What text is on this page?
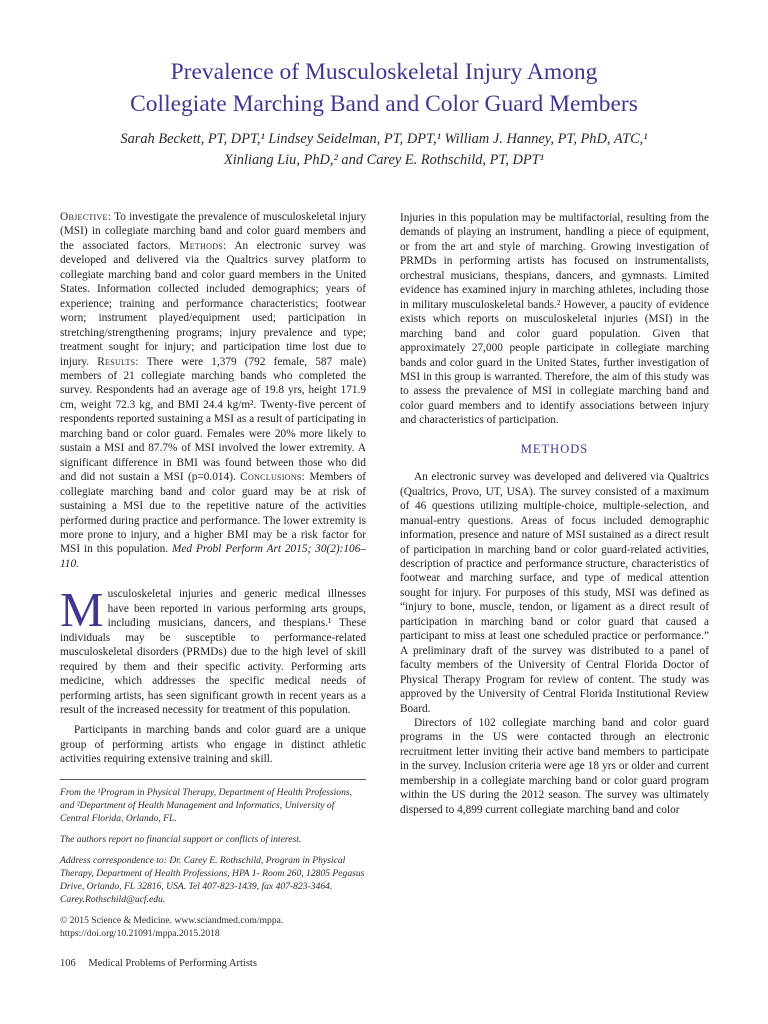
Prevalence of Musculoskeletal Injury Among
Collegiate Marching Band and Color Guard Members
Sarah Beckett, PT, DPT,¹ Lindsey Seidelman, PT, DPT,¹ William J. Hanney, PT, PhD, ATC,¹
Xinliang Liu, PhD,² and Carey E. Rothschild, PT, DPT¹

Objective: To investigate the prevalence of musculoskeletal injury (MSI) in collegiate marching band and color guard members and the associated factors. Methods: An electronic survey was developed and delivered via the Qualtrics survey platform to collegiate marching band and color guard members in the United States. Information collected included demographics; years of experience; training and performance characteristics; footwear worn; instrument played/equipment used; participation in stretching/strengthening programs; injury prevalence and type; treatment sought for injury; and participation time lost due to injury. Results: There were 1,379 (792 female, 587 male) members of 21 collegiate marching bands who completed the survey. Respondents had an average age of 19.8 yrs, height 171.9 cm, weight 72.3 kg, and BMI 24.4 kg/m². Twenty-five percent of respondents reported sustaining a MSI as a result of participating in marching band or color guard. Females were 20% more likely to sustain a MSI and 87.7% of MSI involved the lower extremity. A significant difference in BMI was found between those who did and did not sustain a MSI (p=0.014). Conclusions: Members of collegiate marching band and color guard may be at risk of sustaining a MSI due to the repetitive nature of the activities performed during practice and performance. The lower extremity is more prone to injury, and a higher BMI may be a risk factor for MSI in this population. Med Probl Perform Art 2015; 30(2):106–110.

Musculoskeletal injuries and generic medical illnesses have been reported in various performing arts groups, including musicians, dancers, and thespians.¹ These individuals may be susceptible to performance-related musculoskeletal disorders (PRMDs) due to the high level of skill required by them and their specific activity. Performing arts medicine, which addresses the specific medical needs of performing artists, has seen significant growth in recent years as a result of the increased necessity for treatment of this population.

Participants in marching bands and color guard are a unique group of performing artists who engage in distinct athletic activities requiring extensive training and skill.

Injuries in this population may be multifactorial, resulting from the demands of playing an instrument, handling a piece of equipment, or from the art and style of marching. Growing investigation of PRMDs in performing artists has focused on instrumentalists, orchestral musicians, thespians, dancers, and gymnasts. Limited evidence has examined injury in marching athletes, including those in military musculoskeletal bands.² However, a paucity of evidence exists which reports on musculoskeletal injuries (MSI) in the marching band and color guard population. Given that approximately 27,000 people participate in collegiate marching bands and color guard in the United States, further investigation of MSI in this group is warranted. Therefore, the aim of this study was to assess the prevalence of MSI in collegiate marching band and color guard members and to identify associations between injury and characteristics of participation.

METHODS

An electronic survey was developed and delivered via Qualtrics (Qualtrics, Provo, UT, USA). The survey consisted of a maximum of 46 questions utilizing multiple-choice, multiple-selection, and manual-entry questions. Areas of focus included demographic information, presence and nature of MSI sustained as a direct result of participation in marching band or color guard-related activities, description of practice and performance structure, characteristics of footwear and marching surface, and type of medical attention sought for injury. For purposes of this study, MSI was defined as “injury to bone, muscle, tendon, or ligament as a direct result of participation in marching band or color guard that caused a participant to miss at least one scheduled practice or performance.” A preliminary draft of the survey was distributed to a panel of faculty members of the University of Central Florida Doctor of Physical Therapy Program for review of content. The study was approved by the University of Central Florida Institutional Review Board.

Directors of 102 collegiate marching band and color guard programs in the US were contacted through an electronic recruitment letter inviting their active band members to participate in the survey. Inclusion criteria were age 18 yrs or older and current membership in a collegiate marching band or color guard program within the US during the 2012 season. The survey was ultimately dispersed to 4,899 current collegiate marching band and color

From the ¹Program in Physical Therapy, Department of Health Professions, and ²Department of Health Management and Informatics, University of Central Florida, Orlando, FL.

The authors report no financial support or conflicts of interest.

Address correspondence to: Dr. Carey E. Rothschild, Program in Physical Therapy, Department of Health Professions, HPA 1- Room 260, 12805 Pegasus Drive, Orlando, FL 32816, USA. Tel 407-823-1439, fax 407-823-3464. Carey.Rothschild@ucf.edu.

© 2015 Science & Medicine. www.sciandmed.com/mppa.

https://doi.org/10.21091/mppa.2015.2018

106 Medical Problems of Performing Artists
